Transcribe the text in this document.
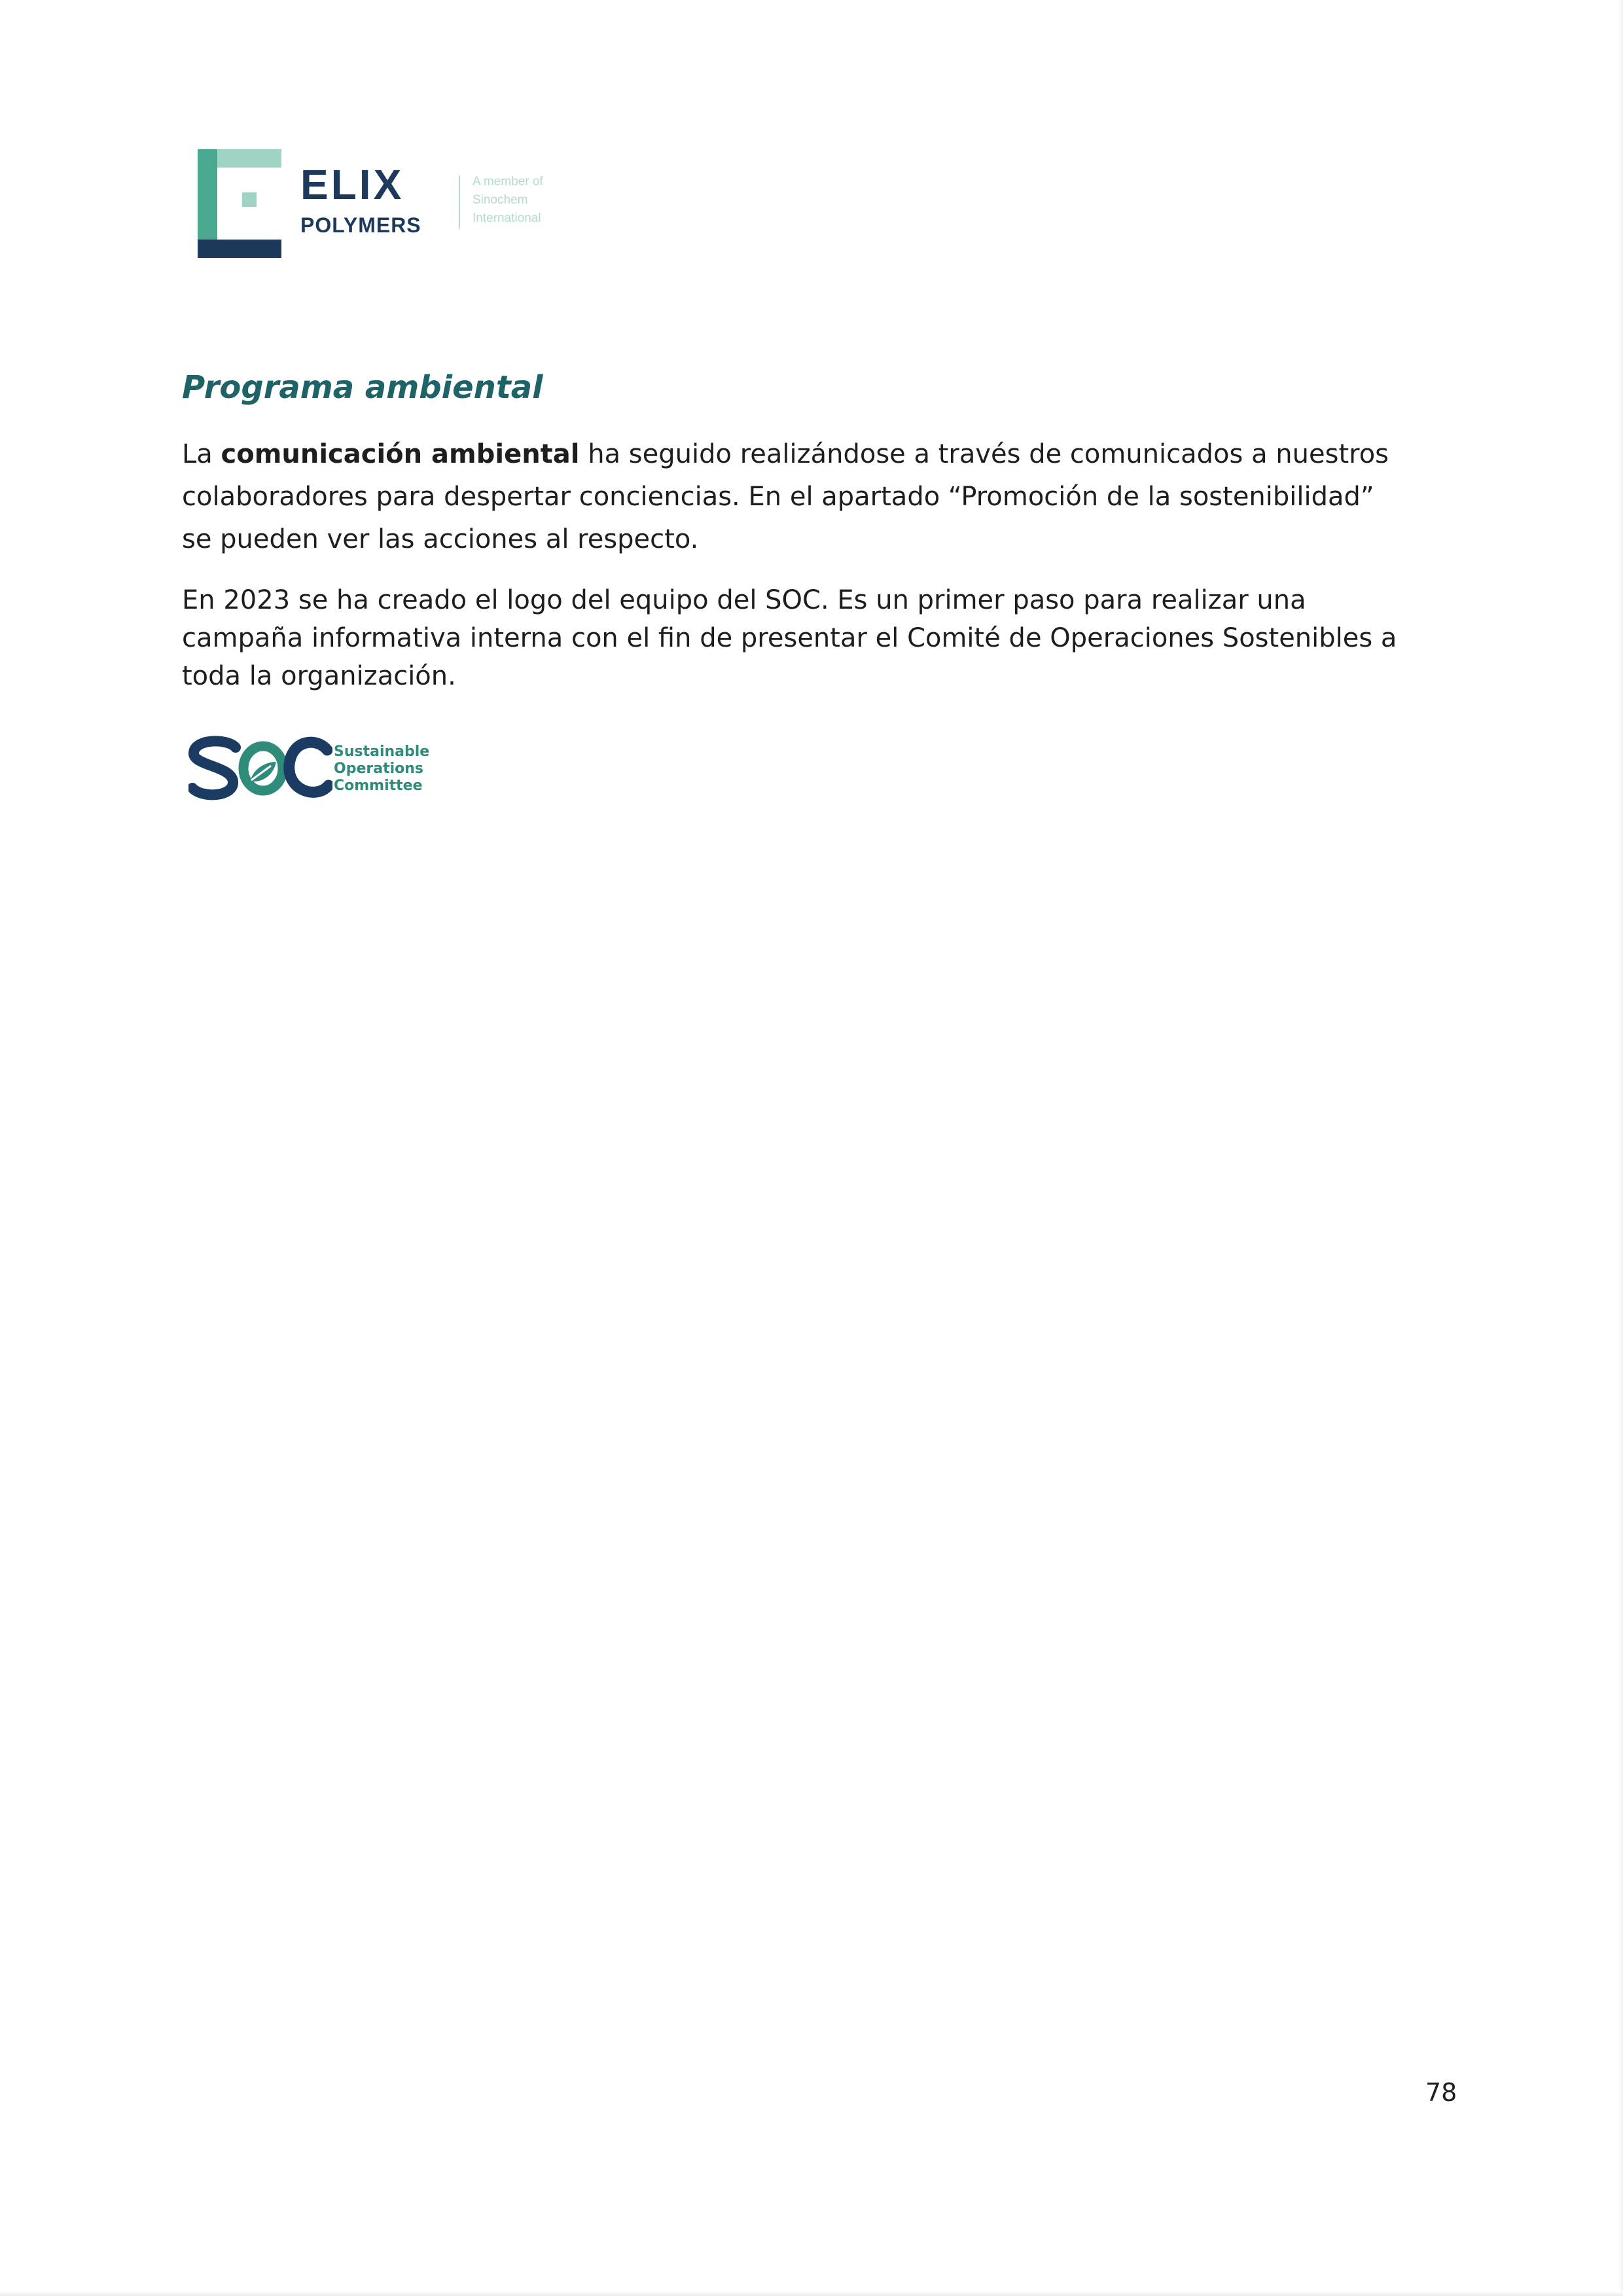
ELIX
POLYMERS
A member of
Sinochem
International
Programa ambiental

La comunicación ambiental ha seguido realizándose a través de comunicados a nuestros colaboradores para despertar conciencias. En el apartado “Promoción de la sostenibilidad” se pueden ver las acciones al respecto.

En 2023 se ha creado el logo del equipo del SOC. Es un primer paso para realizar una campaña informativa interna con el fin de presentar el Comité de Operaciones Sostenibles a toda la organización.

Sustainable
Operations
Committee
78
